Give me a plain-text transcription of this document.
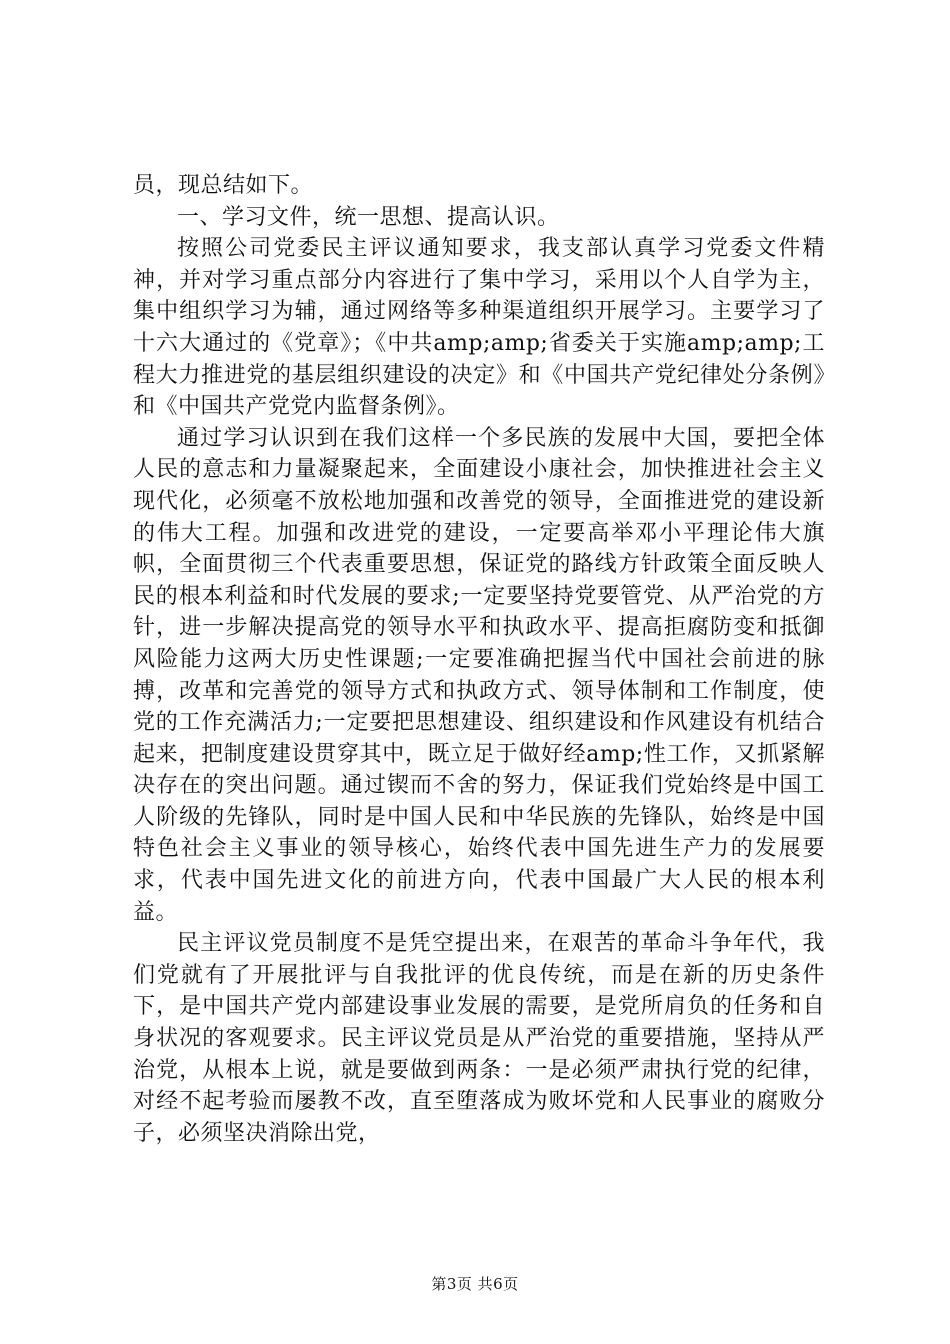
员，现总结如下。

一、学习文件，统一思想、提高认识。

按照公司党委民主评议通知要求，我支部认真学习党委文件精神，并对学习重点部分内容进行了集中学习，采用以个人自学为主，集中组织学习为辅，通过网络等多种渠道组织开展学习。主要学习了十六大通过的《党章》；《中共amp;amp;省委关于实施amp;amp;工程大力推进党的基层组织建设的决定》和《中国共产党纪律处分条例》和《中国共产党党内监督条例》。

通过学习认识到在我们这样一个多民族的发展中大国，要把全体人民的意志和力量凝聚起来，全面建设小康社会，加快推进社会主义现代化，必须毫不放松地加强和改善党的领导，全面推进党的建设新的伟大工程。加强和改进党的建设，一定要高举邓小平理论伟大旗帜，全面贯彻三个代表重要思想，保证党的路线方针政策全面反映人民的根本利益和时代发展的要求;一定要坚持党要管党、从严治党的方针，进一步解决提高党的领导水平和执政水平、提高拒腐防变和抵御风险能力这两大历史性课题;一定要准确把握当代中国社会前进的脉搏，改革和完善党的领导方式和执政方式、领导体制和工作制度，使党的工作充满活力;一定要把思想建设、组织建设和作风建设有机结合起来，把制度建设贯穿其中，既立足于做好经amp;性工作，又抓紧解决存在的突出问题。通过锲而不舍的努力，保证我们党始终是中国工人阶级的先锋队，同时是中国人民和中华民族的先锋队，始终是中国特色社会主义事业的领导核心，始终代表中国先进生产力的发展要求，代表中国先进文化的前进方向，代表中国最广大人民的根本利益。

民主评议党员制度不是凭空提出来，在艰苦的革命斗争年代，我们党就有了开展批评与自我批评的优良传统，而是在新的历史条件下，是中国共产党内部建设事业发展的需要，是党所肩负的任务和自身状况的客观要求。民主评议党员是从严治党的重要措施，坚持从严治党，从根本上说，就是要做到两条：一是必须严肃执行党的纪律，对经不起考验而屡教不改，直至堕落成为败坏党和人民事业的腐败分子，必须坚决消除出党，

第3页 共6页
